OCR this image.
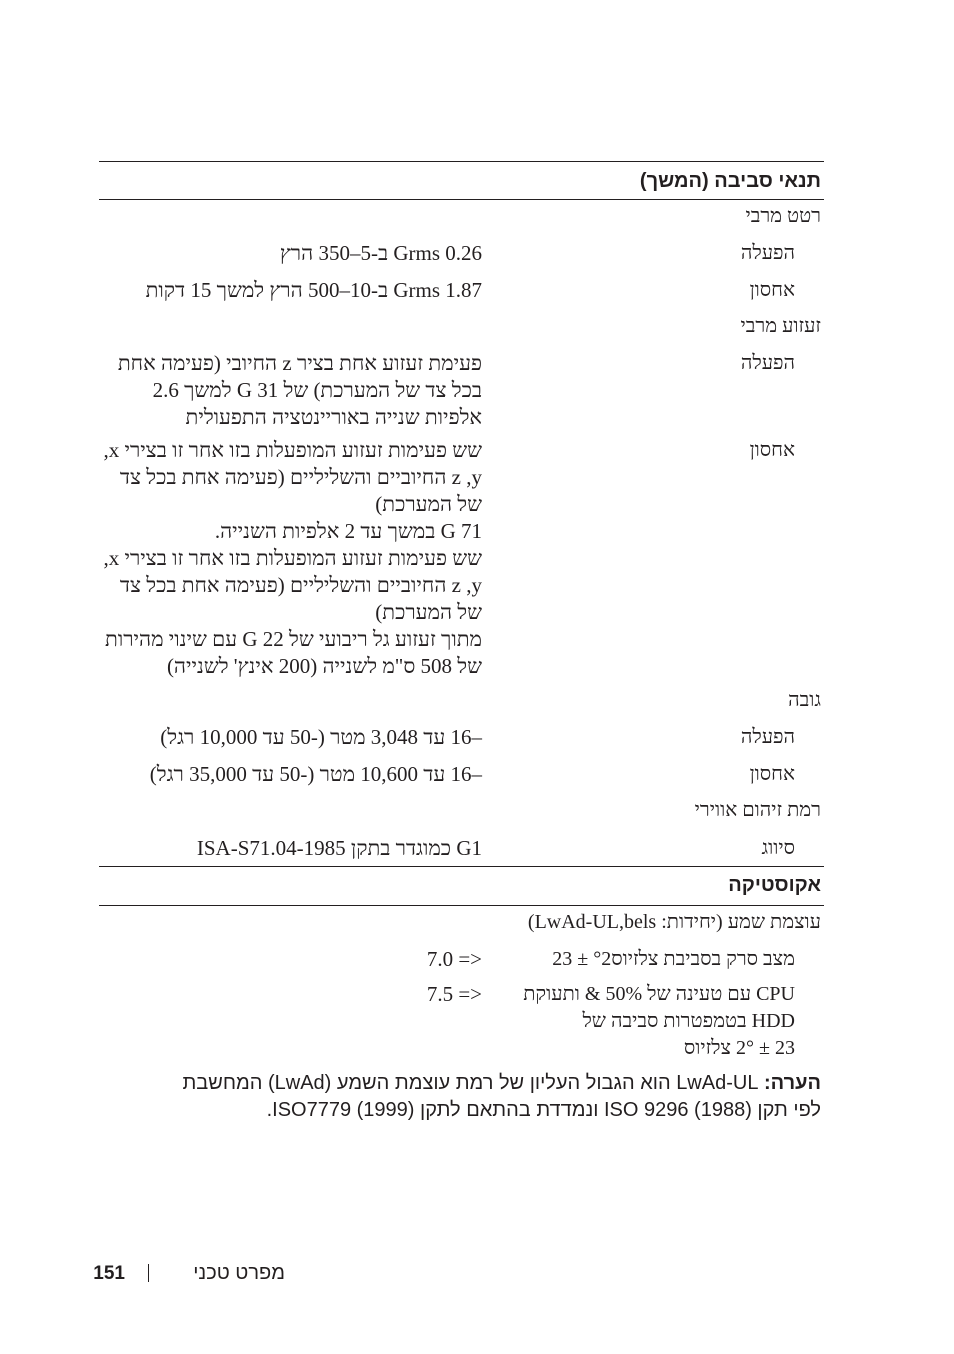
תנאי סביבה (המשך)
רטט מרבי
הפעלה
Grms 0.26 ב-5–350 הרץ
אחסון
Grms 1.87 ב-10–500 הרץ למשך 15 דקות
זעזוע מרבי
הפעלה
פעימת זעזוע אחת בציר z החיובי (פעימה אחת
בכל צד של המערכת) של G 31 למשך 2.6
אלפיות שנייה באוריינטציה התפעולית
אחסון
שש פעימות זעזוע המופעלות בזו אחר זו בצירי x,
z ,y החיוביים והשליליים (פעימה אחת בכל צד
של המערכת)
G 71 במשך עד 2 אלפיות השנייה.
שש פעימות זעזוע המופעלות בזו אחר זו בצירי x,
z ,y החיוביים והשליליים (פעימה אחת בכל צד
של המערכת)
מתוך זעזוע גל ריבועי של G 22 עם שינוי מהירות
של 508 ס"מ לשנייה (200 אינץ' לשנייה)
גובה
הפעלה
–16 עד 3,048 מטר (-50 עד 10,000 רגל)
אחסון
–16 עד 10,600 מטר (-50 עד 35,000 רגל)
רמת זיהום אווירי
סיווג
G1 כמוגדר בתקן ISA-S71.04-1985
אקוסטיקה
עוצמת שמע (יחידות: LwAd-UL,bels)
מצב סרק בסביבת צלזיוס°2 ± 23
<= 7.0
CPU עם טעינה של 50% & ותעוקת
HDD בטמפטרות סביבה של
23 ± 2° צלזיוס
<= 7.5
הערה: LwAd-UL הוא הגבול העליון של רמת עוצמת השמע (LwAd) המחשבת
לפי תקן ISO 9296 (1988) ונמדדת בהתאם לתקן ISO7779 (1999).
מפרט טכני
151
